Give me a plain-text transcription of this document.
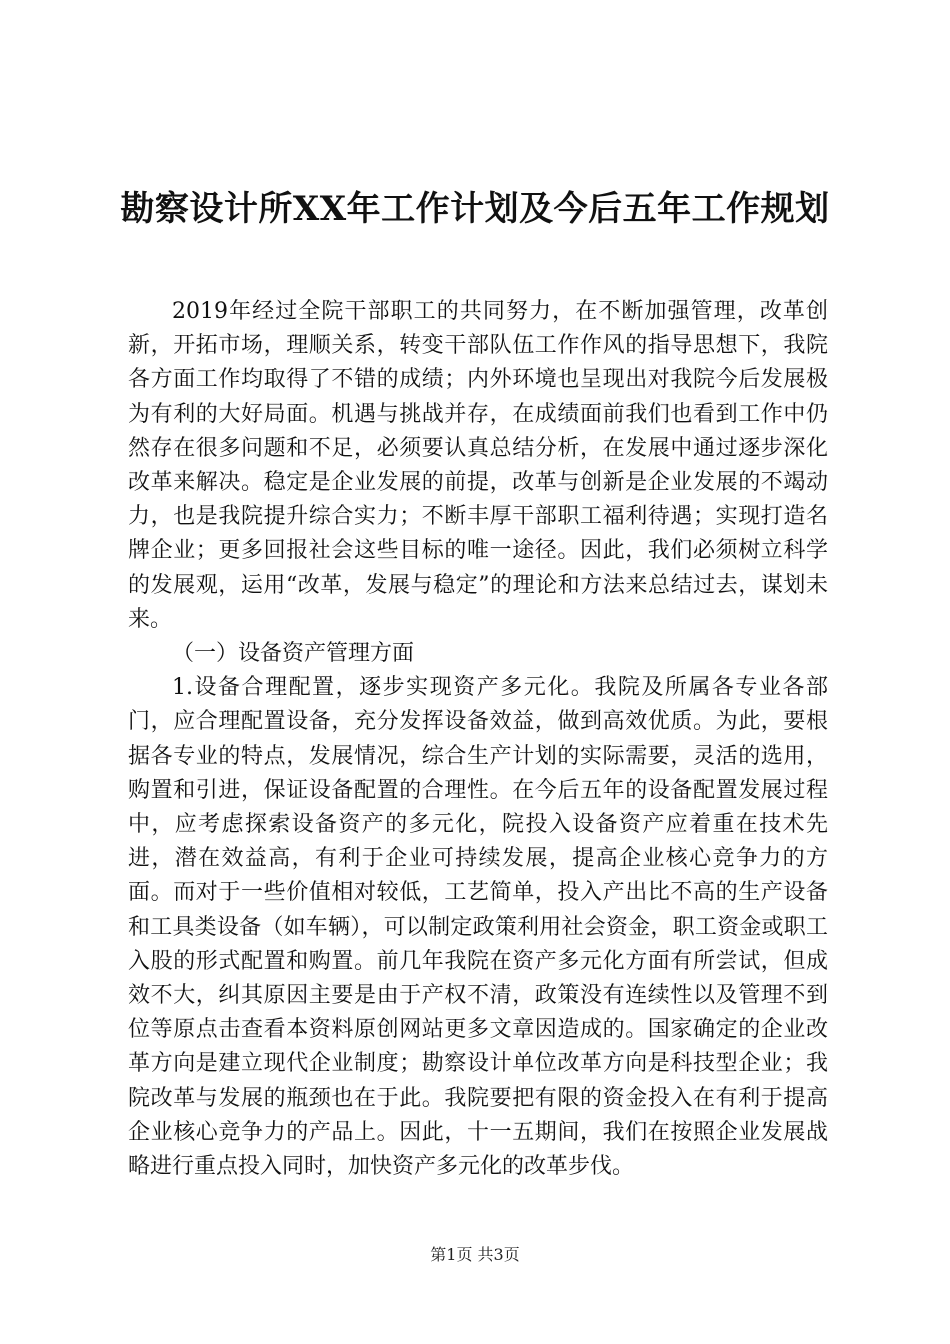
勘察设计所XX年工作计划及今后五年工作规划

2019年经过全院干部职工的共同努力，在不断加强管理，改革创新，开拓市场，理顺关系，转变干部队伍工作作风的指导思想下，我院各方面工作均取得了不错的成绩；内外环境也呈现出对我院今后发展极为有利的大好局面。机遇与挑战并存，在成绩面前我们也看到工作中仍然存在很多问题和不足，必须要认真总结分析，在发展中通过逐步深化改革来解决。稳定是企业发展的前提，改革与创新是企业发展的不竭动力，也是我院提升综合实力；不断丰厚干部职工福利待遇；实现打造名牌企业；更多回报社会这些目标的唯一途径。因此，我们必须树立科学的发展观，运用“改革，发展与稳定”的理论和方法来总结过去，谋划未来。

（一）设备资产管理方面

1.设备合理配置，逐步实现资产多元化。我院及所属各专业各部门，应合理配置设备，充分发挥设备效益，做到高效优质。为此，要根据各专业的特点，发展情况，综合生产计划的实际需要，灵活的选用，购置和引进，保证设备配置的合理性。在今后五年的设备配置发展过程中，应考虑探索设备资产的多元化，院投入设备资产应着重在技术先进，潜在效益高，有利于企业可持续发展，提高企业核心竞争力的方面。而对于一些价值相对较低，工艺简单，投入产出比不高的生产设备和工具类设备（如车辆），可以制定政策利用社会资金，职工资金或职工入股的形式配置和购置。前几年我院在资产多元化方面有所尝试，但成效不大，纠其原因主要是由于产权不清，政策没有连续性以及管理不到位等原点击查看本资料原创网站更多文章因造成的。国家确定的企业改革方向是建立现代企业制度；勘察设计单位改革方向是科技型企业；我院改革与发展的瓶颈也在于此。我院要把有限的资金投入在有利于提高企业核心竞争力的产品上。因此，十一五期间，我们在按照企业发展战略进行重点投入同时，加快资产多元化的改革步伐。

第1页 共3页
